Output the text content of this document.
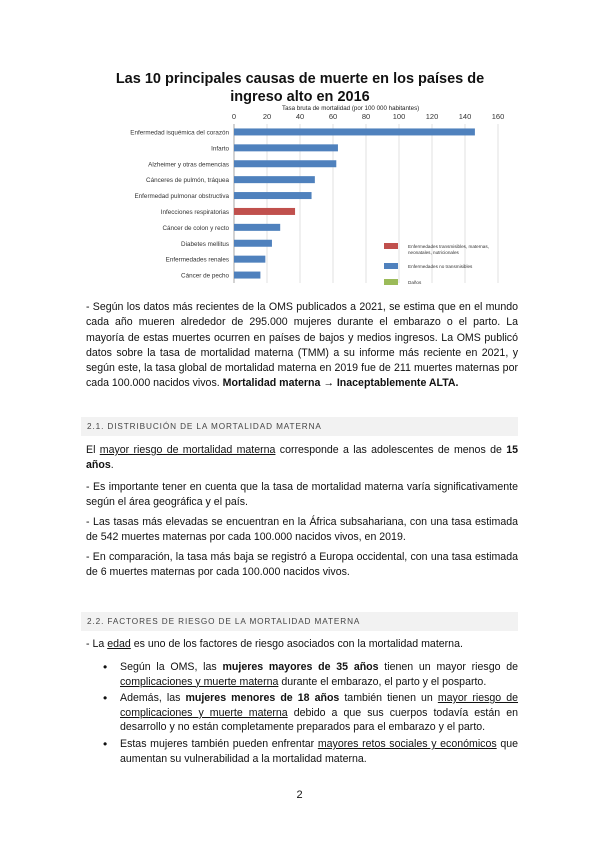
Las 10 principales causas de muerte en los países de
ingreso alto en 2016
Tasa bruta de mortalidad (por 100 000 habitantes)
0	20	40	60	80	100	120	140	160
Enfermedad isquémica del corazón
Infarto
Alzheimer y otras demencias
Cánceres de pulmón, tráquea
Enfermedad pulmonar obstructiva
Infecciones respiratorias
Cáncer de colon y recto
Diabetes mellitus
Enfermedades renales
Cáncer de pecho
Enfermedades transmisibles, maternas, neonatales, nutricionales
Enfermedades no transmisibles
Daños
- Según los datos más recientes de la OMS publicados a 2021, se estima que en el mundo cada año mueren alrededor de 295.000 mujeres durante el embarazo o el parto. La mayoría de estas muertes ocurren en países de bajos y medios ingresos. La OMS publicó datos sobre la tasa de mortalidad materna (TMM) a su informe más reciente en 2021, y según este, la tasa global de mortalidad materna en 2019 fue de 211 muertes maternas por cada 100.000 nacidos vivos. Mortalidad materna → Inaceptablemente ALTA.
2.1. DISTRIBUCIÓN DE LA MORTALIDAD MATERNA
El mayor riesgo de mortalidad materna corresponde a las adolescentes de menos de 15 años.
- Es importante tener en cuenta que la tasa de mortalidad materna varía significativamente según el área geográfica y el país.
- Las tasas más elevadas se encuentran en la África subsahariana, con una tasa estimada de 542 muertes maternas por cada 100.000 nacidos vivos, en 2019.
- En comparación, la tasa más baja se registró a Europa occidental, con una tasa estimada de 6 muertes maternas por cada 100.000 nacidos vivos.
2.2. FACTORES DE RIESGO DE LA MORTALIDAD MATERNA
- La edad es uno de los factores de riesgo asociados con la mortalidad materna.
• Según la OMS, las mujeres mayores de 35 años tienen un mayor riesgo de complicaciones y muerte materna durante el embarazo, el parto y el posparto.
• Además, las mujeres menores de 18 años también tienen un mayor riesgo de complicaciones y muerte materna debido a que sus cuerpos todavía están en desarrollo y no están completamente preparados para el embarazo y el parto.
• Estas mujeres también pueden enfrentar mayores retos sociales y económicos que aumentan su vulnerabilidad a la mortalidad materna.
2
